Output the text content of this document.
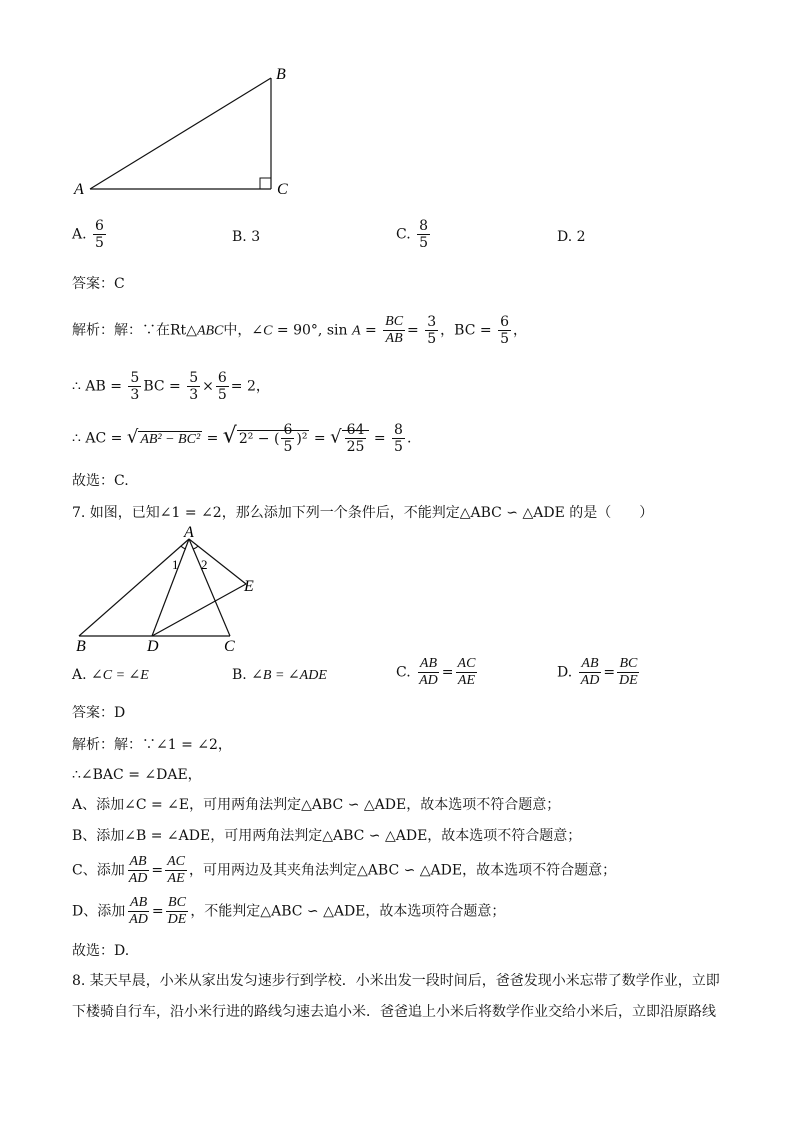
A
B
C
A. $\frac{6}{5}$	B. 3	C. $\frac{8}{5}$	D. 2
答案：C
解析：解：∵在Rt△ABC中，∠C = 90°, $\sin A = \frac{BC}{AB} = \frac{3}{5}$ ，BC = $\frac{6}{5}$ ，
∴ AB = $\frac{5}{3}$ BC = $\frac{5}{3} \times \frac{6}{5} = 2$，
∴ AC = √ AB² − BC² = √ 2² − ( $\frac{6}{5} )^2$ = √ $\frac{64}{25} = \frac{8}{5}$ .
故选：C.
7. 如图，已知∠1 = ∠2，那么添加下列一个条件后，不能判定△ABC ∽ △ADE 的是（　　）
A
B	C
D
E
1 2
A. ∠C = ∠E	B. ∠B = ∠ADE	C. $\frac{AB}{AD} = \frac{AC}{AE}$	D. $\frac{AB}{AD} = \frac{BC}{DE}$
答案：D
解析：解：∵∠1 = ∠2，
∴∠BAC = ∠DAE，
A、添加∠C = ∠E，可用两角法判定△ABC ∽ △ADE，故本选项不符合题意；
B、添加∠B = ∠ADE，可用两角法判定△ABC ∽ △ADE，故本选项不符合题意；
C、添加 $\frac{AB}{AD} = \frac{AC}{AE}$ ，可用两边及其夹角法判定△ABC ∽ △ADE，故本选项不符合题意；
D、添加 $\frac{AB}{AD} = \frac{BC}{DE}$ ，不能判定△ABC ∽ △ADE，故本选项符合题意；
故选：D.
8. 某天早晨，小米从家出发匀速步行到学校．小米出发一段时间后，爸爸发现小米忘带了数学作业，立即
下楼骑自行车，沿小米行进的路线匀速去追小米．爸爸追上小米后将数学作业交给小米后，立即沿原路线
